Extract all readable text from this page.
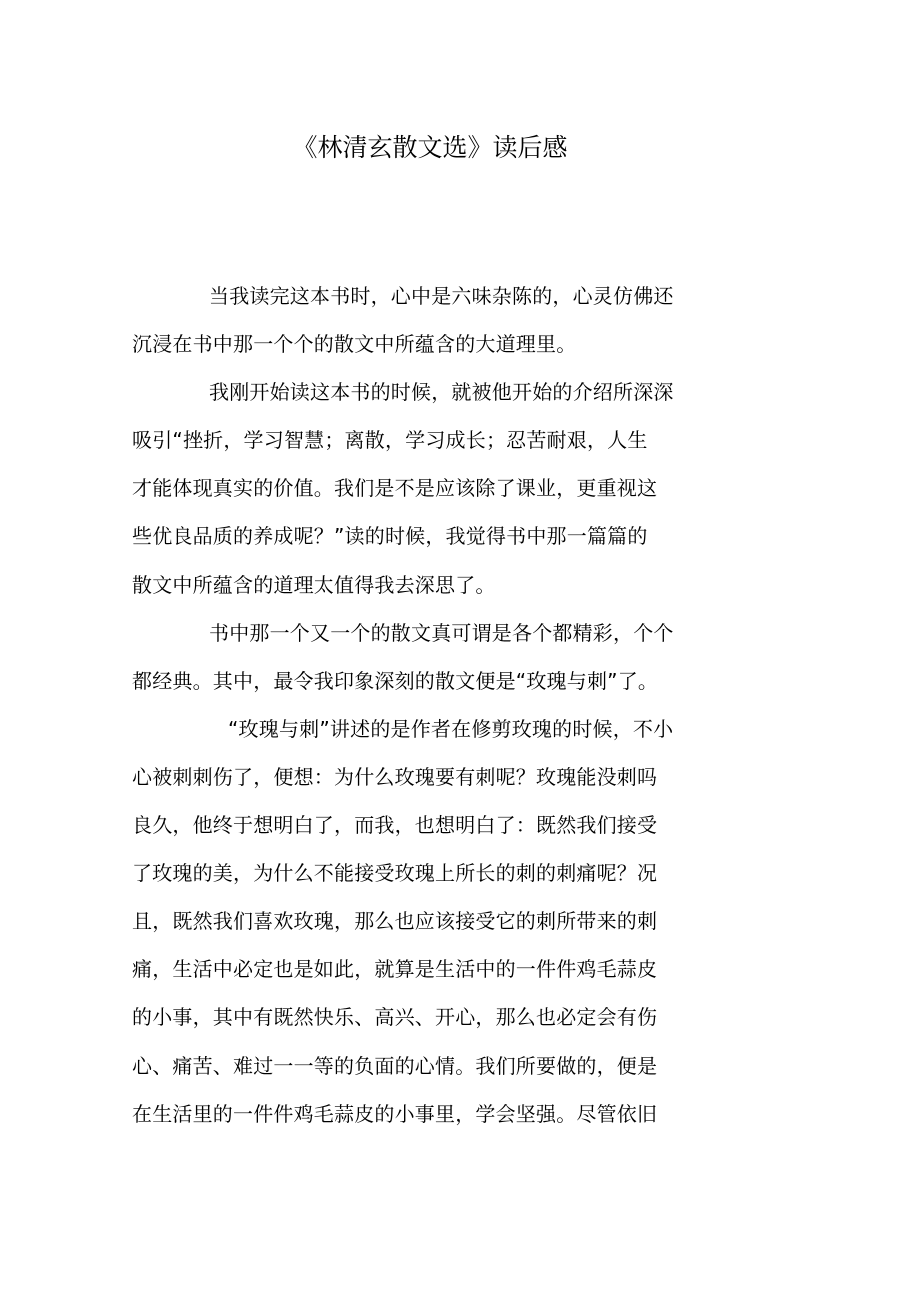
《林清玄散文选》读后感
当我读完这本书时，心中是六味杂陈的，心灵仿佛还
沉浸在书中那一个个的散文中所蕴含的大道理里。
我刚开始读这本书的时候，就被他开始的介绍所深深
吸引“挫折，学习智慧；离散，学习成长；忍苦耐艰，人生
才能体现真实的价值。我们是不是应该除了课业，更重视这
些优良品质的养成呢？”读的时候，我觉得书中那一篇篇的
散文中所蕴含的道理太值得我去深思了。
书中那一个又一个的散文真可谓是各个都精彩，个个
都经典。其中，最令我印象深刻的散文便是“玫瑰与刺”了。
“玫瑰与刺”讲述的是作者在修剪玫瑰的时候，不小
心被刺刺伤了，便想：为什么玫瑰要有刺呢？玫瑰能没刺吗
良久，他终于想明白了，而我，也想明白了：既然我们接受
了玫瑰的美，为什么不能接受玫瑰上所长的刺的刺痛呢？况
且，既然我们喜欢玫瑰，那么也应该接受它的刺所带来的刺
痛，生活中必定也是如此，就算是生活中的一件件鸡毛蒜皮
的小事，其中有既然快乐、高兴、开心，那么也必定会有伤
心、痛苦、难过一一等的负面的心情。我们所要做的，便是
在生活里的一件件鸡毛蒜皮的小事里，学会坚强。尽管依旧
